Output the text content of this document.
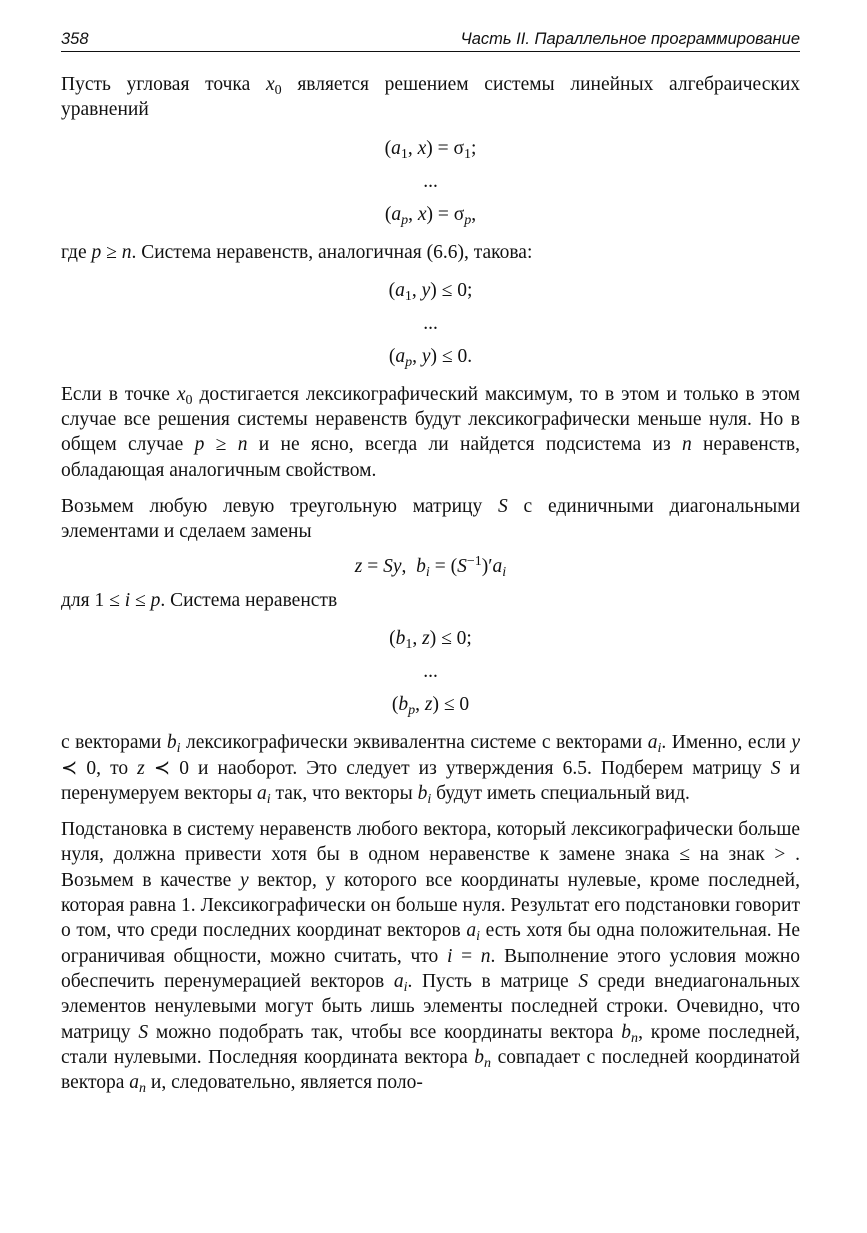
358	Часть II. Параллельное программирование

Пусть угловая точка $x_0$ является решением системы линейных алгебраических уравнений

($a_1$, $x) = \sigma_1$;
...
($a_p$, $x) = \sigma_p$,

где p ≥ n. Система неравенств, аналогичная (6.6), такова:

($a_1$, y) ≤ 0;
...
($a_p$, y) ≤ 0.

Если в точке $x_0$ достигается лексикографический максимум, то в этом и только в этом случае все решения системы неравенств будут лексикографически меньше нуля. Но в общем случае p ≥ n и не ясно, всегда ли найдется подсистема из n неравенств, обладающая аналогичным свойством.

Возьмем любую левую треугольную матрицу S с единичными диагональными элементами и сделаем замены

z = Sy,  $b_i = (S^{-1})'a_i$

для 1 ≤ i ≤ p. Система неравенств

($b_1$, z) ≤ 0;
...
($b_p$, z) ≤ 0

с векторами $b_i$ лексикографически эквивалентна системе с векторами $a_i$. Именно, если y ≺ 0, то z ≺ 0 и наоборот. Это следует из утверждения 6.5. Подберем матрицу S и перенумеруем векторы $a_i$ так, что векторы $b_i$ будут иметь специальный вид.

Подстановка в систему неравенств любого вектора, который лексикографически больше нуля, должна привести хотя бы в одном неравенстве к замене знака ≤ на знак > . Возьмем в качестве y вектор, у которого все координаты нулевые, кроме последней, которая равна 1. Лексикографически он больше нуля. Результат его подстановки говорит о том, что среди последних координат векторов $a_i$ есть хотя бы одна положительная. Не ограничивая общности, можно считать, что i = n. Выполнение этого условия можно обеспечить перенумерацией векторов $a_i$. Пусть в матрице S среди внедиагональных элементов ненулевыми могут быть лишь элементы последней строки. Очевидно, что матрицу S можно подобрать так, чтобы все координаты вектора $b_n$, кроме последней, стали нулевыми. Последняя координата вектора $b_n$ совпадает с последней координатой вектора $a_n$ и, следовательно, является поло-
